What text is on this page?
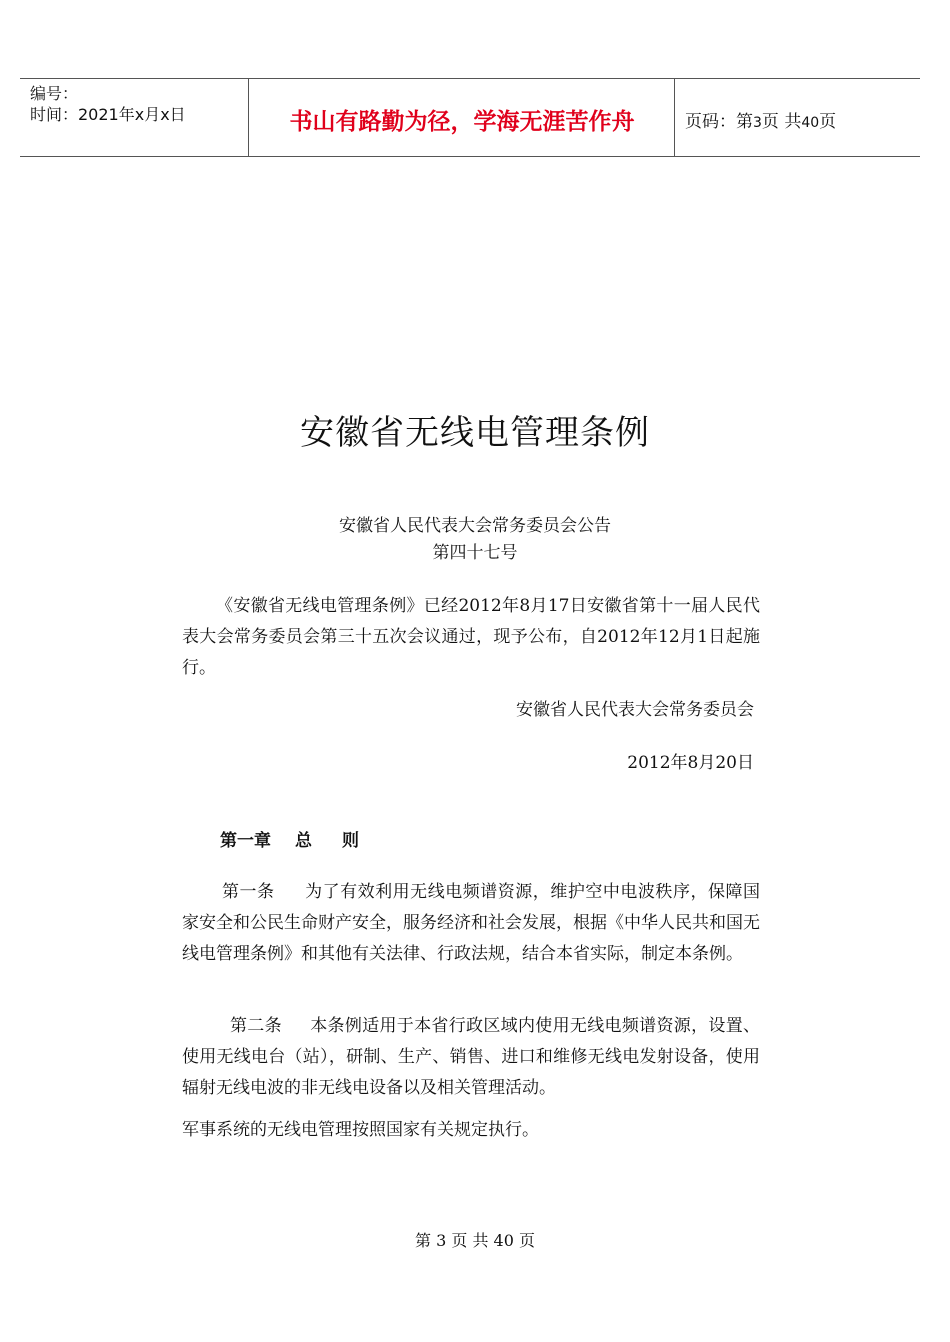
编号：
时间：2021年x月x日	书山有路勤为径，学海无涯苦作舟	页码：第3页 共40页
安徽省无线电管理条例
安徽省人民代表大会常务委员会公告
第四十七号
《安徽省无线电管理条例》已经2012年8月17日安徽省第十一届人民代表大会常务委员会第三十五次会议通过，现予公布，自2012年12月1日起施行。
安徽省人民代表大会常务委员会
2012年8月20日
第一章 总 则
第一条 为了有效利用无线电频谱资源，维护空中电波秩序，保障国家安全和公民生命财产安全，服务经济和社会发展，根据《中华人民共和国无线电管理条例》和其他有关法律、行政法规，结合本省实际，制定本条例。
第二条 本条例适用于本省行政区域内使用无线电频谱资源，设置、使用无线电台（站），研制、生产、销售、进口和维修无线电发射设备，使用辐射无线电波的非无线电设备以及相关管理活动。
军事系统的无线电管理按照国家有关规定执行。
第 3 页 共 40 页
